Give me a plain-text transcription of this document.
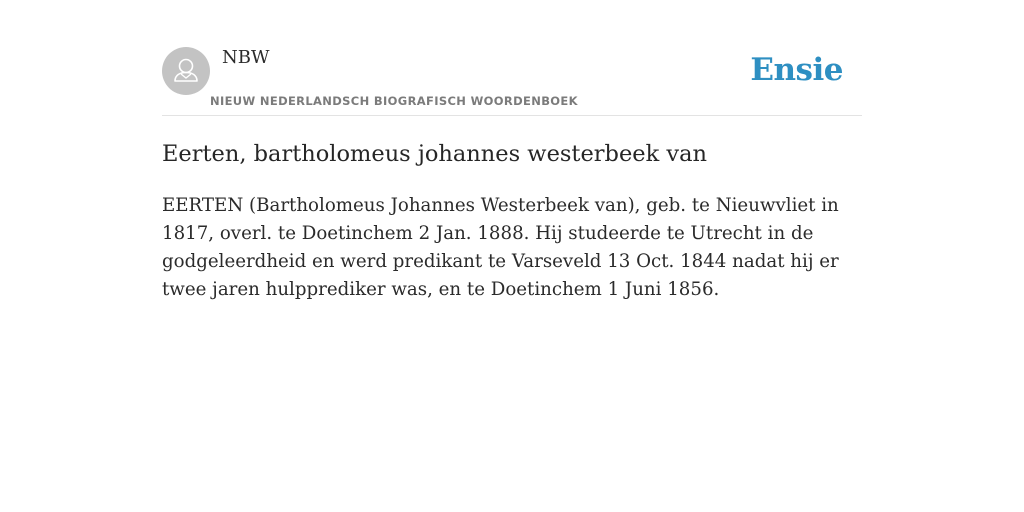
NBW
NIEUW NEDERLANDSCH BIOGRAFISCH WOORDENBOEK
Ensie
Eerten, bartholomeus johannes westerbeek van

EERTEN (Bartholomeus Johannes Westerbeek van), geb. te Nieuwvliet in 1817, overl. te Doetinchem 2 Jan. 1888. Hij studeerde te Utrecht in de godgeleerdheid en werd predikant te Varseveld 13 Oct. 1844 nadat hij er twee jaren hulpprediker was, en te Doetinchem 1 Juni 1856.
